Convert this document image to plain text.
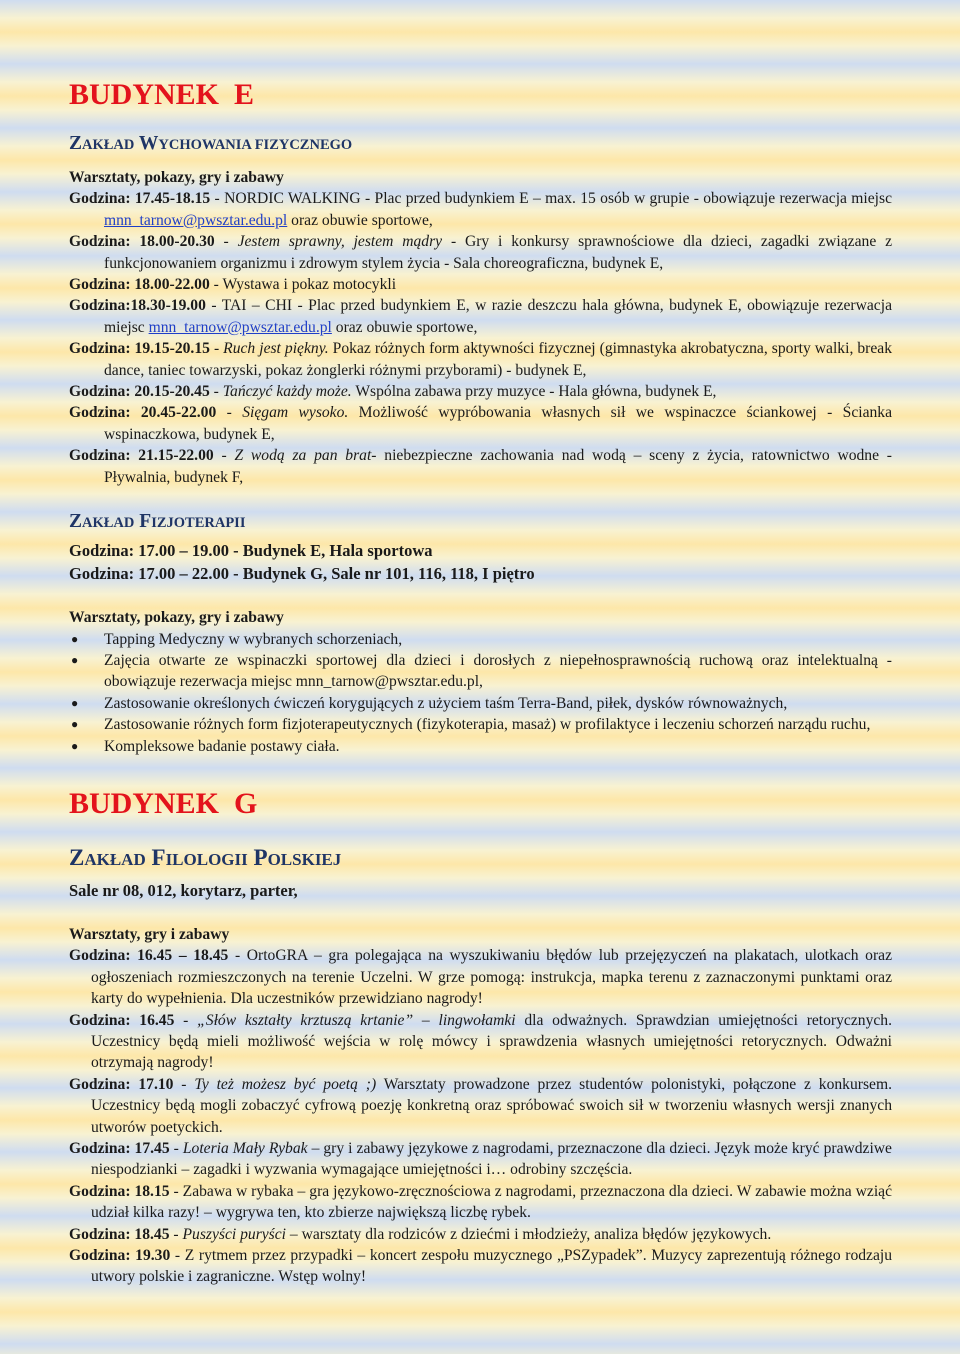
BUDYNEK  E
ZAKŁAD WYCHOWANIA FIZYCZNEGO

Warsztaty, pokazy, gry i zabawy

Godzina: 17.45-18.15 - NORDIC WALKING - Plac przed budynkiem E – max. 15 osób w grupie - obowiązuje rezerwacja miejsc mnn_tarnow@pwsztar.edu.pl oraz obuwie sportowe,

Godzina: 18.00-20.30 - Jestem sprawny, jestem mądry - Gry i konkursy sprawnościowe dla dzieci, zagadki związane z funkcjonowaniem organizmu i zdrowym stylem życia - Sala choreograficzna, budynek E,

Godzina: 18.00-22.00 - Wystawa i pokaz motocykli

Godzina:18.30-19.00 - TAI – CHI - Plac przed budynkiem E, w razie deszczu hala główna, budynek E, obowiązuje rezerwacja miejsc mnn_tarnow@pwsztar.edu.pl oraz obuwie sportowe,

Godzina: 19.15-20.15 - Ruch jest piękny. Pokaz różnych form aktywności fizycznej (gimnastyka akrobatyczna, sporty walki, break dance, taniec towarzyski, pokaz żonglerki różnymi przyborami) - budynek E,

Godzina: 20.15-20.45 - Tańczyć każdy może. Wspólna zabawa przy muzyce - Hala główna, budynek E,

Godzina: 20.45-22.00 - Sięgam wysoko. Możliwość wypróbowania własnych sił we wspinaczce ściankowej - Ścianka wspinaczkowa, budynek E,

Godzina: 21.15-22.00 - Z wodą za pan brat- niebezpieczne zachowania nad wodą – sceny z życia, ratownictwo wodne - Pływalnia, budynek F,

ZAKŁAD FIZJOTERAPII

Godzina: 17.00 – 19.00 - Budynek E, Hala sportowa

Godzina: 17.00 – 22.00 - Budynek G, Sale nr 101, 116, 118, I piętro

Warsztaty, pokazy, gry i zabawy

● Tapping Medyczny w wybranych schorzeniach,
● Zajęcia otwarte ze wspinaczki sportowej dla dzieci i dorosłych z niepełnosprawnością ruchową oraz intelektualną - obowiązuje rezerwacja miejsc mnn_tarnow@pwsztar.edu.pl,
● Zastosowanie określonych ćwiczeń korygujących z użyciem taśm Terra-Band, piłek, dysków równoważnych,
● Zastosowanie różnych form fizjoterapeutycznych (fizykoterapia, masaż) w profilaktyce i leczeniu schorzeń narządu ruchu,
● Kompleksowe badanie postawy ciała.
BUDYNEK  G
ZAKŁAD FILOLOGII POLSKIEJ

Sale nr 08, 012, korytarz, parter,

Warsztaty, gry i zabawy

Godzina: 16.45 – 18.45 - OrtoGRA – gra polegająca na wyszukiwaniu błędów lub przejęzyczeń na plakatach, ulotkach oraz ogłoszeniach rozmieszczonych na terenie Uczelni. W grze pomogą: instrukcja, mapka terenu z zaznaczonymi punktami oraz karty do wypełnienia. Dla uczestników przewidziano nagrody!

Godzina: 16.45 - „Słów kształty krztuszą krtanie” – lingwołamki dla odważnych. Sprawdzian umiejętności retorycznych. Uczestnicy będą mieli możliwość wejścia w rolę mówcy i sprawdzenia własnych umiejętności retorycznych. Odważni otrzymają nagrody!

Godzina: 17.10 - Ty też możesz być poetą ;) Warsztaty prowadzone przez studentów polonistyki, połączone z konkursem. Uczestnicy będą mogli zobaczyć cyfrową poezję konkretną oraz spróbować swoich sił w tworzeniu własnych wersji znanych utworów poetyckich.

Godzina: 17.45 - Loteria Mały Rybak – gry i zabawy językowe z nagrodami, przeznaczone dla dzieci. Język może kryć prawdziwe niespodzianki – zagadki i wyzwania wymagające umiejętności i… odrobiny szczęścia.

Godzina: 18.15 - Zabawa w rybaka – gra językowo-zręcznościowa z nagrodami, przeznaczona dla dzieci. W zabawie można wziąć udział kilka razy! – wygrywa ten, kto zbierze największą liczbę rybek.

Godzina: 18.45 - Puszyści puryści – warsztaty dla rodziców z dziećmi i młodzieży, analiza błędów językowych.

Godzina: 19.30 - Z rytmem przez przypadki – koncert zespołu muzycznego „PSZypadek”. Muzycy zaprezentują różnego rodzaju utwory polskie i zagraniczne. Wstęp wolny!
